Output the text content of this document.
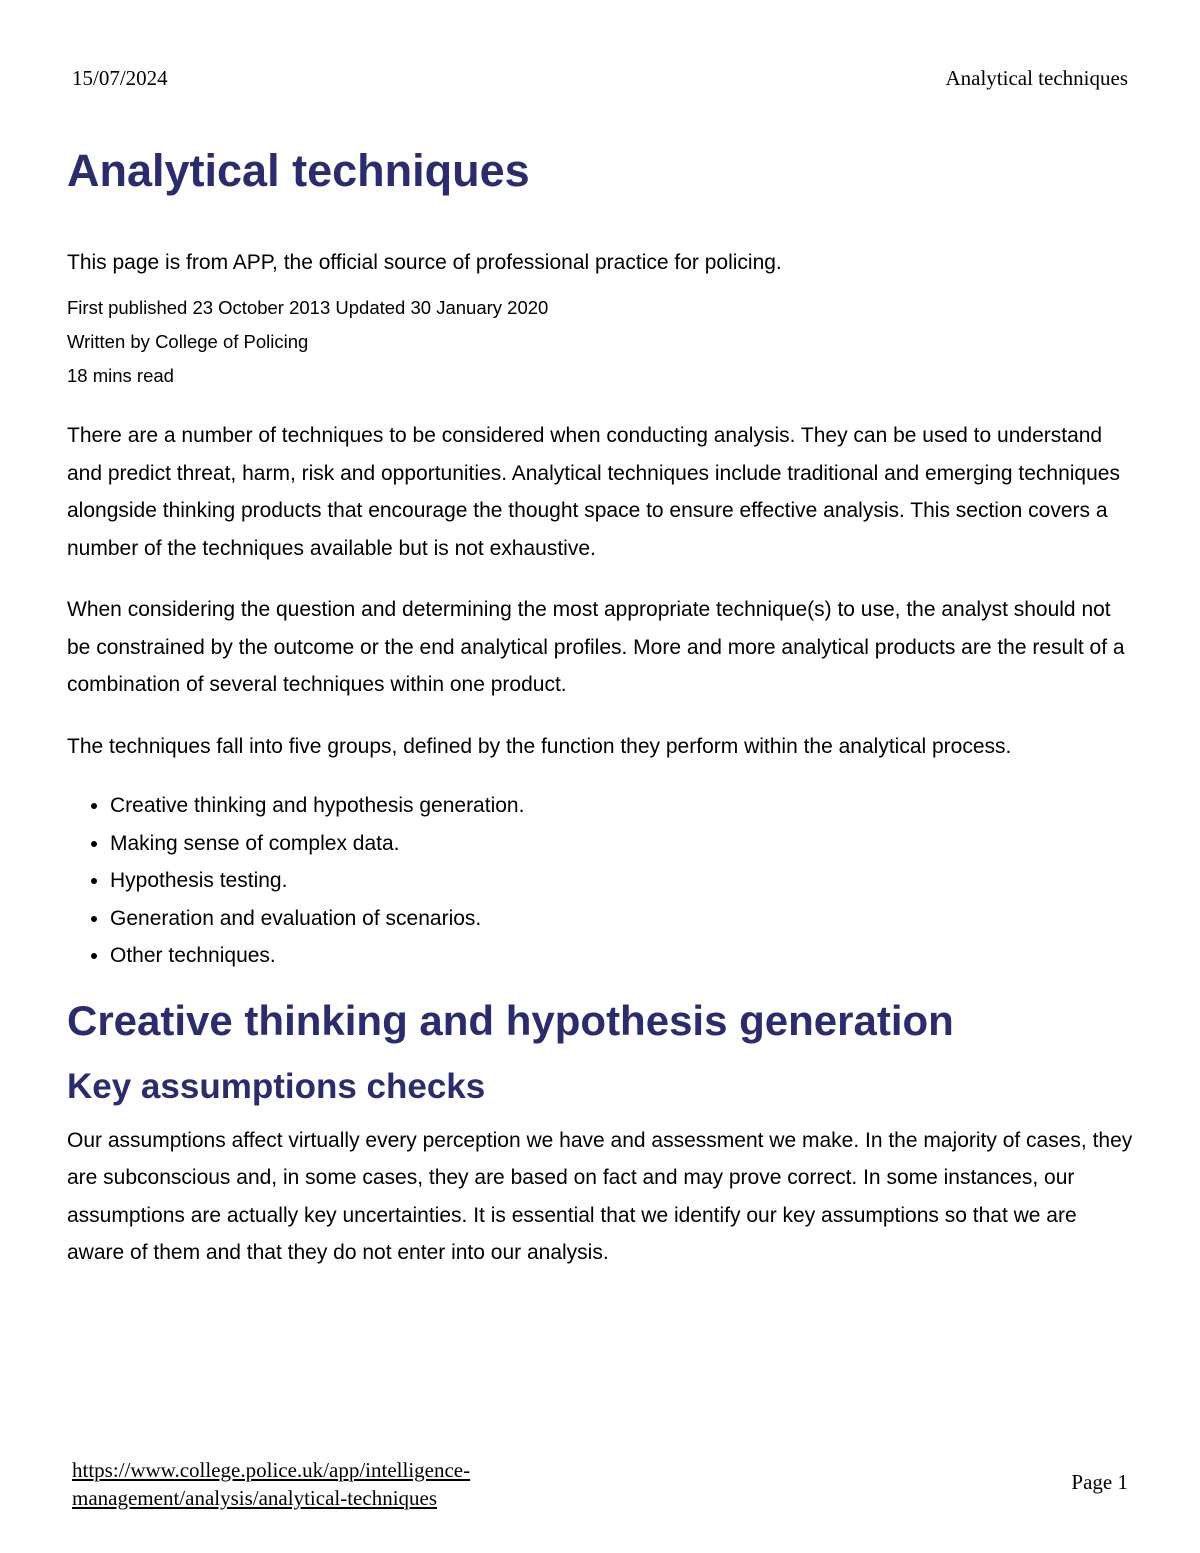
15/07/2024	Analytical techniques
Analytical techniques

This page is from APP, the official source of professional practice for policing.

First published 23 October 2013 Updated 30 January 2020
Written by College of Policing
18 mins read

There are a number of techniques to be considered when conducting analysis. They can be used to understand and predict threat, harm, risk and opportunities. Analytical techniques include traditional and emerging techniques alongside thinking products that encourage the thought space to ensure effective analysis. This section covers a number of the techniques available but is not exhaustive.

When considering the question and determining the most appropriate technique(s) to use, the analyst should not be constrained by the outcome or the end analytical profiles. More and more analytical products are the result of a combination of several techniques within one product.

The techniques fall into five groups, defined by the function they perform within the analytical process.

• Creative thinking and hypothesis generation.
• Making sense of complex data.
• Hypothesis testing.
• Generation and evaluation of scenarios.
• Other techniques.
Creative thinking and hypothesis generation
Key assumptions checks

Our assumptions affect virtually every perception we have and assessment we make. In the majority of cases, they are subconscious and, in some cases, they are based on fact and may prove correct. In some instances, our assumptions are actually key uncertainties. It is essential that we identify our key assumptions so that we are aware of them and that they do not enter into our analysis.

https://www.college.police.uk/app/intelligence-
management/analysis/analytical-techniques
Page 1
